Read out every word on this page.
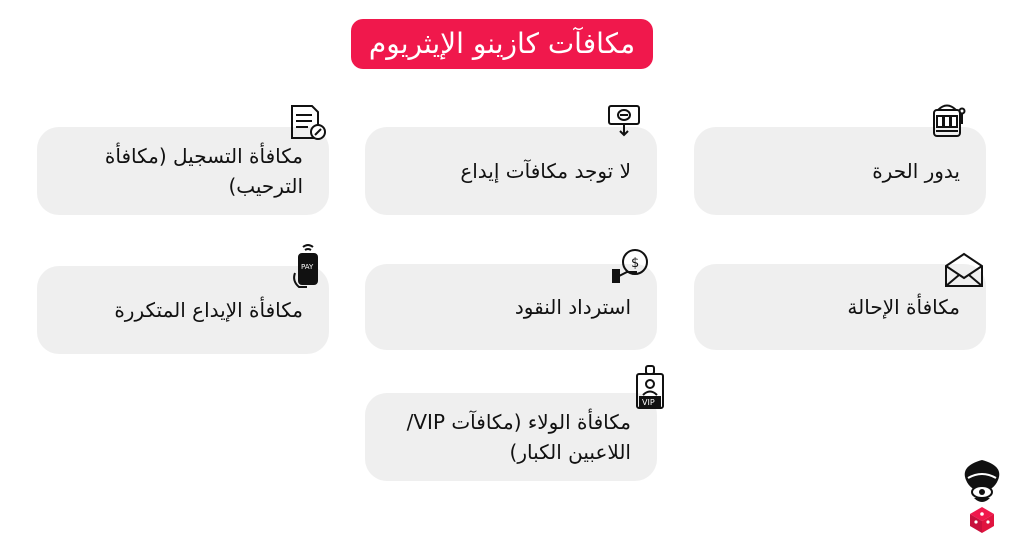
مكافآت كازينو الإيثريوم
يدور الحرة
لا توجد مكافآت إيداع
مكافأة التسجيل (مكافأة الترحيب)
مكافأة الإحالة
استرداد النقود
$
مكافأة الإيداع المتكررة
PAY
مكافأة الولاء (مكافآت VIP/ اللاعبين الكبار)
VIP
